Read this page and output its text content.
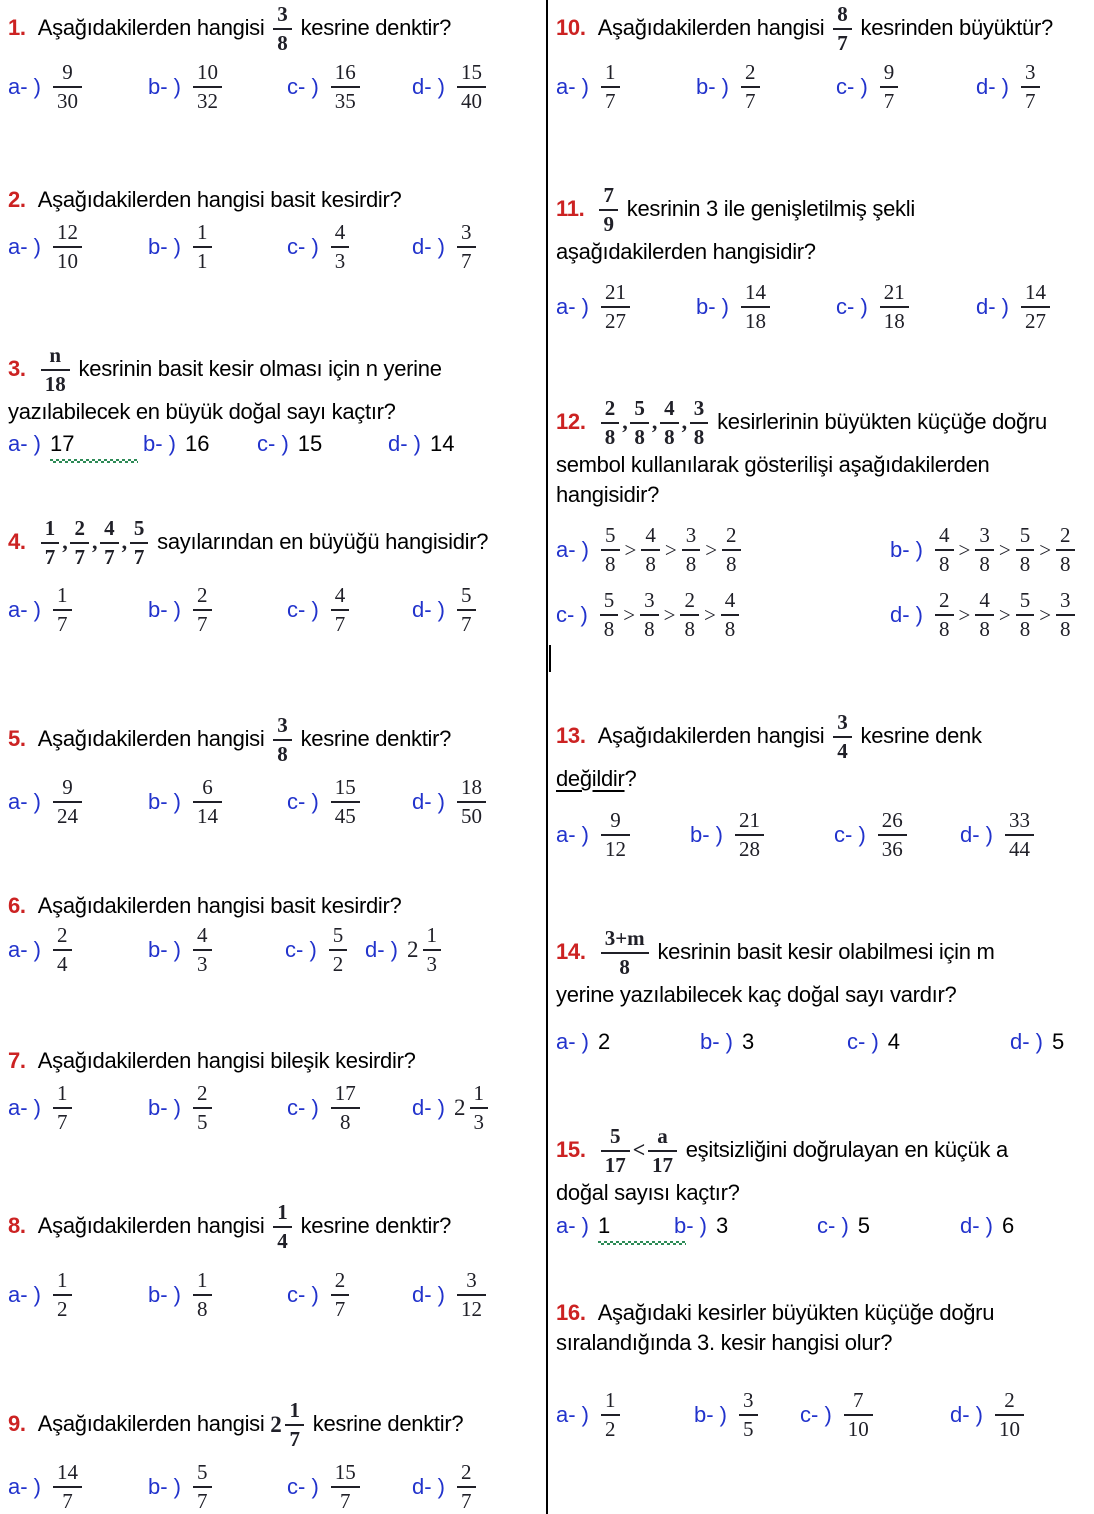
1. Aşağıdakilerden hangisi $\frac{3}{8}$ kesrine denktir?
a- ) $\frac{9}{30}$	b- ) $\frac{10}{32}$	c- ) $\frac{16}{35} d-$ ) $\frac{15}{40}$
2. Aşağıdakilerden hangisi basit kesirdir?
a- ) $\frac{12}{10}$	b- ) $\frac{1}{1}$	c- ) $\frac{4}{3}$	d- ) $\frac{3}{7}$
3. $\frac{n}{18}$ kesrinin basit kesir olması için n yerine
yazılabilecek en büyük doğal sayı kaçtır?
a- ) 17	b- ) 16 c- ) 15	d- ) 14
4. $\frac{1}{7}$ , $\frac{2}{7}$ , $\frac{4}{7}$ , $\frac{5}{7}$ sayılarından en büyüğü hangisidir?
a- ) $\frac{1}{7}$	b- ) $\frac{2}{7}$	c- ) $\frac{4}{7}$	d- ) $\frac{5}{7}$
5. Aşağıdakilerden hangisi $\frac{3}{8}$ kesrine denktir?
a- ) $\frac{9}{24}$	b- ) $\frac{6}{14}$	c- ) $\frac{15}{45} d-$ ) $\frac{18}{50}$
6. Aşağıdakilerden hangisi basit kesirdir?
a- ) $\frac{2}{4}$	b- ) $\frac{4}{3}$	c- ) $\frac{5}{2} d-$ ) $2 \frac{1}{3}$
7. Aşağıdakilerden hangisi bileşik kesirdir?
a- ) $\frac{1}{7}$	b- ) $\frac{2}{5}$	c- ) $\frac{17}{8} d-$ ) $2 \frac{1}{3}$
8. Aşağıdakilerden hangisi $\frac{1}{4}$ kesrine denktir?
a- ) $\frac{1}{2}$	b- ) $\frac{1}{8}$	c- ) $\frac{2}{7}$	d- ) $\frac{3}{12}$
9. Aşağıdakilerden hangisi $2 \frac{1}{7}$ kesrine denktir?
a- ) $\frac{14}{7}$	b- ) $\frac{5}{7}$	c- ) $\frac{15}{7} d-$ ) $\frac{2}{7}$
10. Aşağıdakilerden hangisi $\frac{8}{7}$ kesrinden büyüktür?
a- ) $\frac{1}{7}$	b- ) $\frac{2}{7}$	c- ) $\frac{9}{7}$	d- ) $\frac{3}{7}$
11. $\frac{7}{9}$ kesrinin 3 ile genişletilmiş şekli
aşağıdakilerden hangisidir?
a- ) $\frac{21}{27}$	b- ) $\frac{14}{18}$	c- ) $\frac{21}{18}$	d- ) $\frac{14}{27}$
12. $\frac{2}{8}$ , $\frac{5}{8}$ , $\frac{4}{8}$ , $\frac{3}{8}$ kesirlerinin büyükten küçüğe doğru
sembol kullanılarak gösterilişi aşağıdakilerden
hangisidir?
a- ) $\frac{5}{8} > \frac{4}{8} > \frac{3}{8} > \frac{2}{8}$	b- ) $\frac{4}{8} > \frac{3}{8} > \frac{5}{8} > \frac{2}{8}$
c- ) $\frac{5}{8} > \frac{3}{8} > \frac{2}{8} > \frac{4}{8}$	d- ) $\frac{2}{8} > \frac{4}{8} > \frac{5}{8} > \frac{3}{8}$
13. Aşağıdakilerden hangisi $\frac{3}{4}$ kesrine denk
değildir?
a- ) $\frac{9}{12}$	b- ) $\frac{21}{28}$	c- ) $\frac{26}{36} d-$ ) $\frac{33}{44}$
14. $\frac{3+m}{8}$ kesrinin basit kesir olabilmesi için m
yerine yazılabilecek kaç doğal sayı vardır?
a- ) 2	b- ) 3	c- ) 4	d- ) 5
15. $\frac{5}{17} < \frac{a}{17}$ eşitsizliğini doğrulayan en küçük a
doğal sayısı kaçtır?
a- ) 1	b- ) 3	c- ) 5	d- ) 6
16. Aşağıdaki kesirler büyükten küçüğe doğru
sıralandığında 3. kesir hangisi olur?
a- ) $\frac{1}{2}$	b- ) $\frac{3}{5} c-$ ) $\frac{7}{10}$	d- ) $\frac{2}{10}$
